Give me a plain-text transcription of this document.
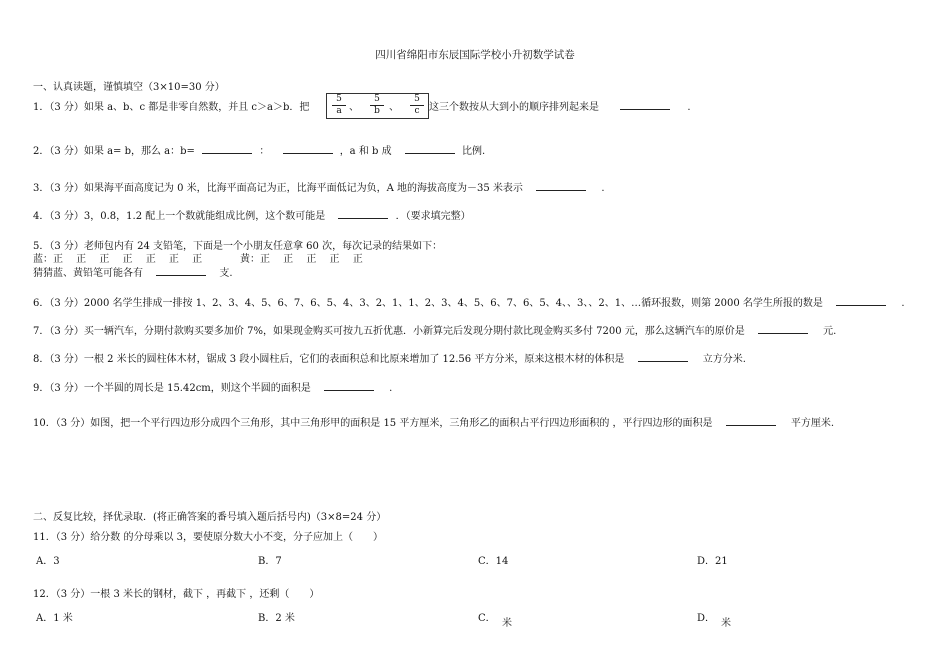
四川省绵阳市东辰国际学校小升初数学试卷
一、认真读题，谨慎填空（3×10=30 分）
1．（3 分）如果 a、b、c 都是非零自然数，并且 c＞a＞b．把
5
a 、
5
b 、
5
c 这三个数按从大到小的顺序排列起来是	.
2．（3 分）如果 a= b，那么 a：b=	：	，a 和 b 成	比例.
3．（3 分）如果海平面高度记为 0 米，比海平面高记为正，比海平面低记为负，A 地的海拔高度为－35 米表示	.
4．（3 分）3，0.8，1.2 配上一个数就能组成比例，这个数可能是	．（要求填完整）
5．（3 分）老师包内有 24 支铅笔，下面是一个小朋友任意拿 60 次，每次记录的结果如下：
蓝：正　 正　 正　 正　 正　 正　 正	黄：正　 正　 正　 正　 正
猜猜蓝、黄铅笔可能各有	支.
6．（3 分）2000 名学生排成一排按 1、2、3、4、5、6、7、6、5、4、3、2、1、1、2、3、4、5、6、7、6、5、4、、3、、2、1、…循环报数，则第 2000 名学生所报的数是	.
7．（3 分）买一辆汽车，分期付款购买要多加价 7%，如果现金购买可按九五折优惠．小新算完后发现分期付款比现金购买多付 7200 元，那么这辆汽车的原价是	元.
8．（3 分）一根 2 米长的圆柱体木材，锯成 3 段小圆柱后，它们的表面积总和比原来增加了 12.56 平方分米，原来这根木材的体积是	立方分米.
9．（3 分）一个半圆的周长是 15.42cm，则这个半圆的面积是	.
10．（3 分）如图，把一个平行四边形分成四个三角形，其中三角形甲的面积是 15 平方厘米，三角形乙的面积占平行四边形面积的 ，平行四边形的面积是	平方厘米.
二、反复比较，择优录取．(将正确答案的番号填入题后括号内)（3×8=24 分）
11．（3 分）给分数 的分母乘以 3，要使原分数大小不变，分子应加上（　　）
A．3	B．7	C．14	D．21
12．（3 分）一根 3 米长的钢材，截下 ，再截下 ，还剩（　　）
A．1 米	B．2 米	C． 米	D． 米
